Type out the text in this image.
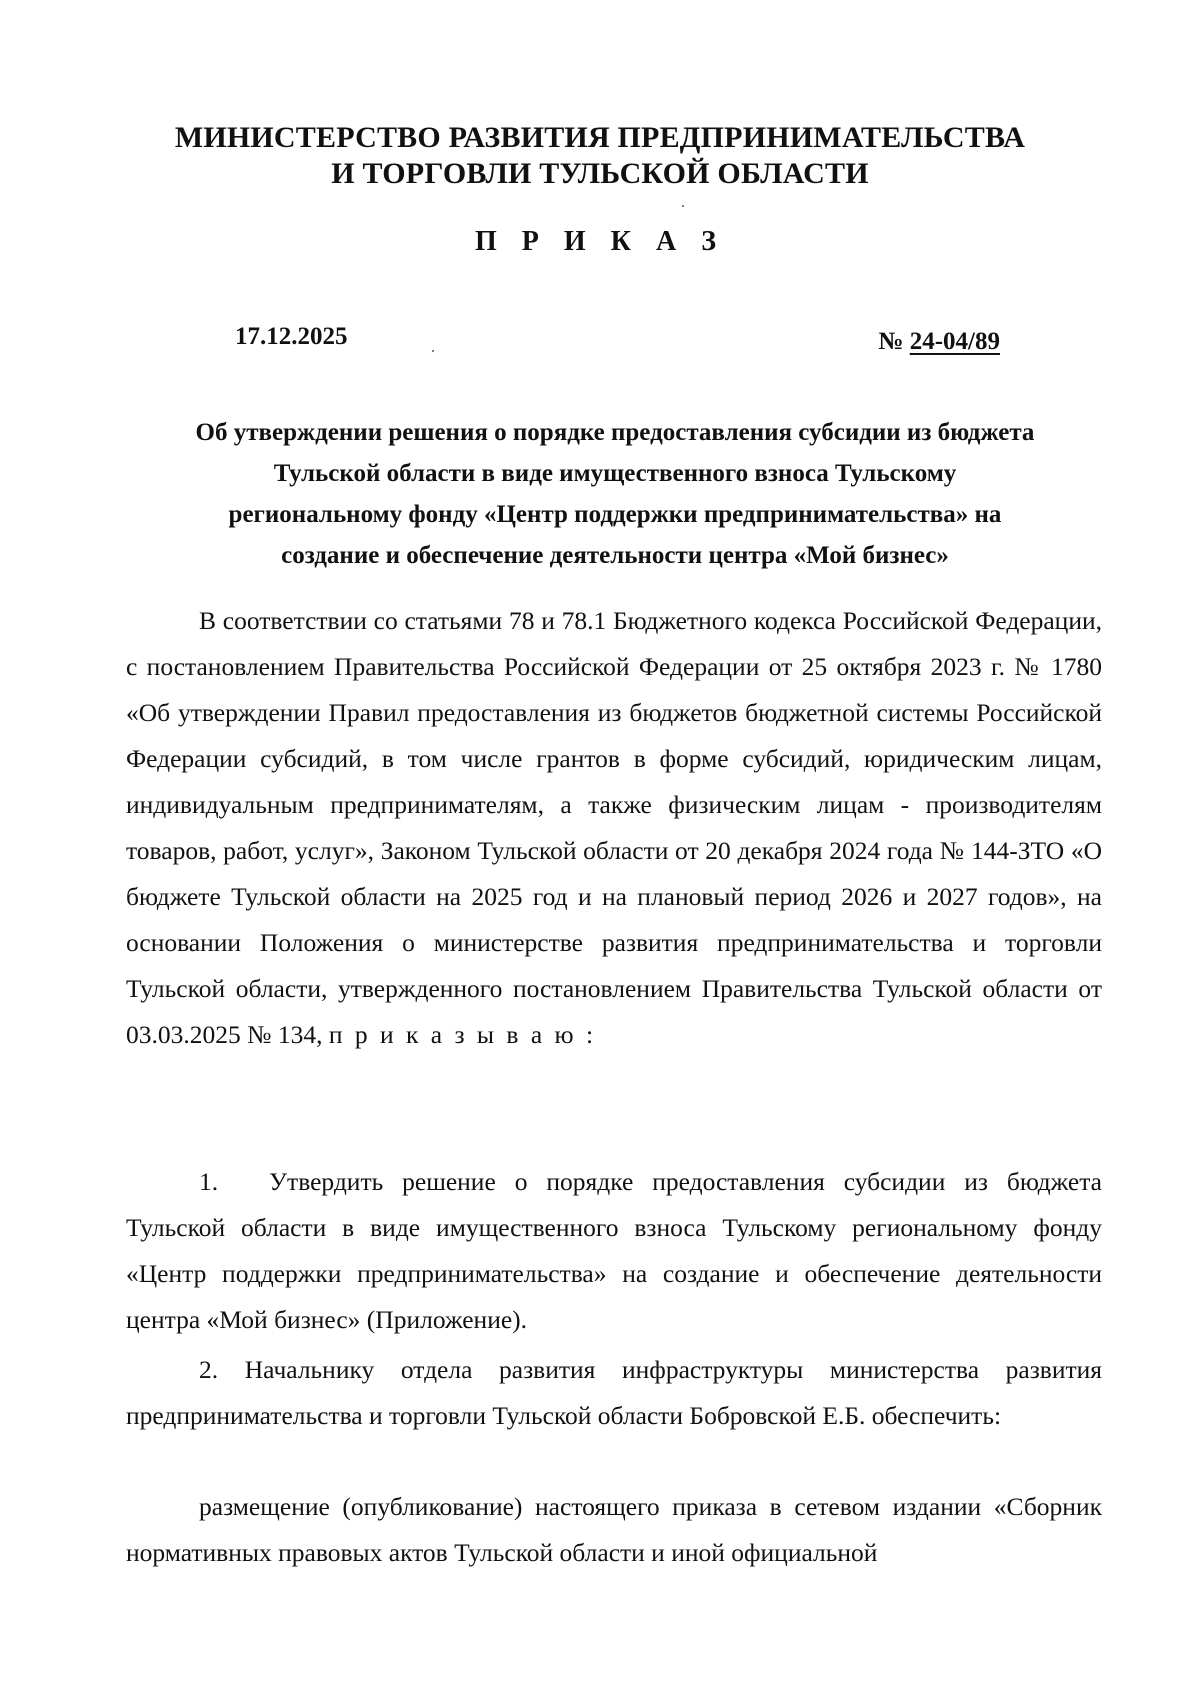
МИНИСТЕРСТВО РАЗВИТИЯ ПРЕДПРИНИМАТЕЛЬСТВА
И ТОРГОВЛИ ТУЛЬСКОЙ ОБЛАСТИ
П Р И К А З
17.12.2025	№ 24-04/89
Об утверждении решения о порядке предоставления субсидии из бюджета
Тульской области в виде имущественного взноса Тульскому
региональному фонду «Центр поддержки предпринимательства» на
создание и обеспечение деятельности центра «Мой бизнес»
В соответствии со статьями 78 и 78.1 Бюджетного кодекса Российской Федерации, с постановлением Правительства Российской Федерации от 25 октября 2023 г. № 1780 «Об утверждении Правил предоставления из бюджетов бюджетной системы Российской Федерации субсидий, в том числе грантов в форме субсидий, юридическим лицам, индивидуальным предпринимателям, а также физическим лицам - производителям товаров, работ, услуг», Законом Тульской области от 20 декабря 2024 года № 144-ЗТО «О бюджете Тульской области на 2025 год и на плановый период 2026 и 2027 годов», на основании Положения о министерстве развития предпринимательства и торговли Тульской области, утвержденного постановлением Правительства Тульской области от 03.03.2025 № 134, п р и к а з ы в а ю :
1. Утвердить решение о порядке предоставления субсидии из бюджета Тульской области в виде имущественного взноса Тульскому региональному фонду «Центр поддержки предпринимательства» на создание и обеспечение деятельности центра «Мой бизнес» (Приложение).
2. Начальнику отдела развития инфраструктуры министерства развития предпринимательства и торговли Тульской области Бобровской Е.Б. обеспечить:
размещение (опубликование) настоящего приказа в сетевом издании «Сборник нормативных правовых актов Тульской области и иной официальной
